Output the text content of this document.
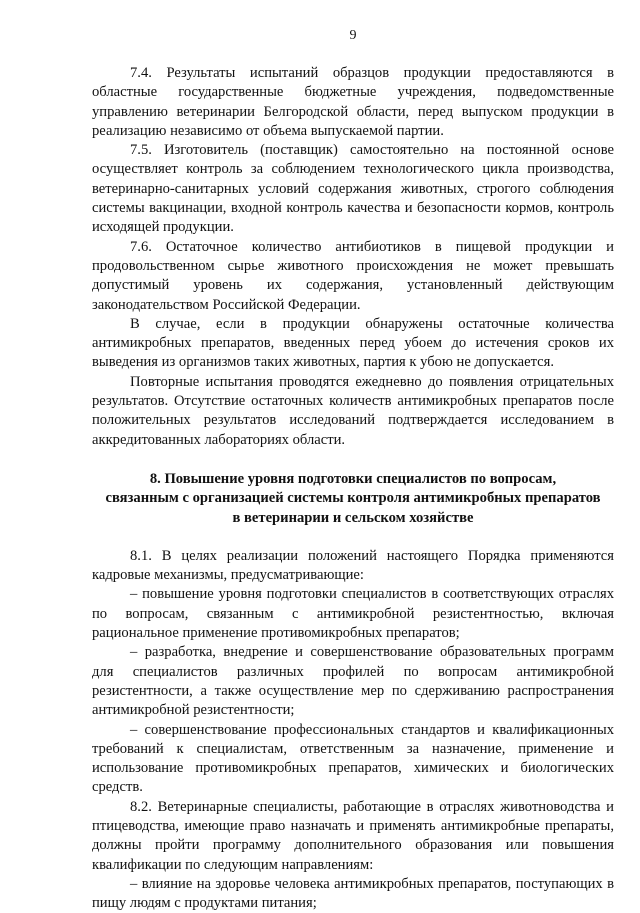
9

7.4. Результаты испытаний образцов продукции предоставляются в областные государственные бюджетные учреждения, подведомственные управлению ветеринарии Белгородской области, перед выпуском продукции в реализацию независимо от объема выпускаемой партии.

7.5. Изготовитель (поставщик) самостоятельно на постоянной основе осуществляет контроль за соблюдением технологического цикла производства, ветеринарно-санитарных условий содержания животных, строгого соблюдения системы вакцинации, входной контроль качества и безопасности кормов, контроль исходящей продукции.

7.6. Остаточное количество антибиотиков в пищевой продукции и продовольственном сырье животного происхождения не может превышать допустимый уровень их содержания, установленный действующим законодательством Российской Федерации.

В случае, если в продукции обнаружены остаточные количества антимикробных препаратов, введенных перед убоем до истечения сроков их выведения из организмов таких животных, партия к убою не допускается.

Повторные испытания проводятся ежедневно до появления отрицательных результатов. Отсутствие остаточных количеств антимикробных препаратов после положительных результатов исследований подтверждается исследованием в аккредитованных лабораториях области.

8. Повышение уровня подготовки специалистов по вопросам,
связанным с организацией системы контроля антимикробных препаратов
в ветеринарии и сельском хозяйстве

8.1. В целях реализации положений настоящего Порядка применяются кадровые механизмы, предусматривающие:

– повышение уровня подготовки специалистов в соответствующих отраслях по вопросам, связанным с антимикробной резистентностью, включая рациональное применение противомикробных препаратов;

– разработка, внедрение и совершенствование образовательных программ для специалистов различных профилей по вопросам антимикробной резистентности, а также осуществление мер по сдерживанию распространения антимикробной резистентности;

– совершенствование профессиональных стандартов и квалификационных требований к специалистам, ответственным за назначение, применение и использование противомикробных препаратов, химических и биологических средств.

8.2. Ветеринарные специалисты, работающие в отраслях животноводства и птицеводства, имеющие право назначать и применять антимикробные препараты, должны пройти программу дополнительного образования или повышения квалификации по следующим направлениям:

– влияние на здоровье человека антимикробных препаратов, поступающих в пищу людям с продуктами питания;
